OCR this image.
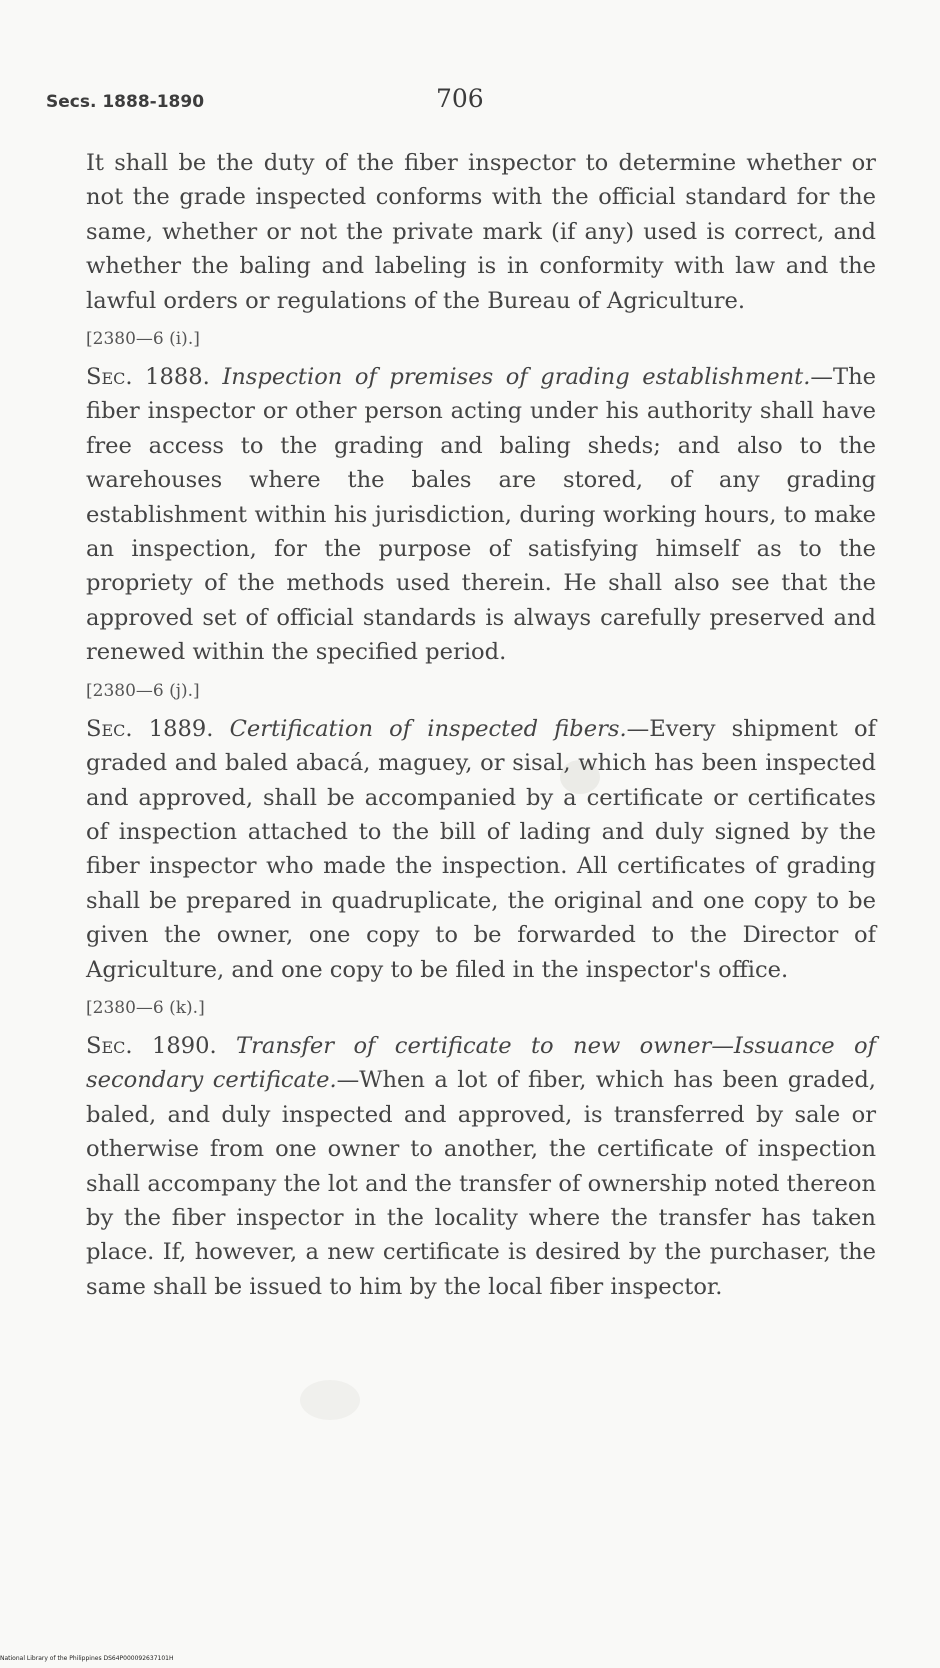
Secs. 1888-1890	706

It shall be the duty of the fiber inspector to determine whether or not the grade inspected conforms with the official standard for the same, whether or not the private mark (if any) used is correct, and whether the baling and labeling is in conformity with law and the lawful orders or regulations of the Bureau of Agriculture.

[2380—6 (i).]

Sec. 1888. Inspection of premises of grading establishment.—The fiber inspector or other person acting under his authority shall have free access to the grading and baling sheds; and also to the warehouses where the bales are stored, of any grading establishment within his jurisdiction, during working hours, to make an inspection, for the purpose of satisfying himself as to the propriety of the methods used therein. He shall also see that the approved set of official standards is always carefully preserved and renewed within the specified period.

[2380—6 (j).]

Sec. 1889. Certification of inspected fibers.—Every shipment of graded and baled abacá, maguey, or sisal, which has been inspected and approved, shall be accompanied by a certificate or certificates of inspection attached to the bill of lading and duly signed by the fiber inspector who made the inspection. All certificates of grading shall be prepared in quadruplicate, the original and one copy to be given the owner, one copy to be forwarded to the Director of Agriculture, and one copy to be filed in the inspector's office.

[2380—6 (k).]

Sec. 1890. Transfer of certificate to new owner—Issuance of secondary certificate.—When a lot of fiber, which has been graded, baled, and duly inspected and approved, is transferred by sale or otherwise from one owner to another, the certificate of inspection shall accompany the lot and the transfer of ownership noted thereon by the fiber inspector in the locality where the transfer has taken place. If, however, a new certificate is desired by the purchaser, the same shall be issued to him by the local fiber inspector.

National Library of the Philippines DS64P000092637101H
